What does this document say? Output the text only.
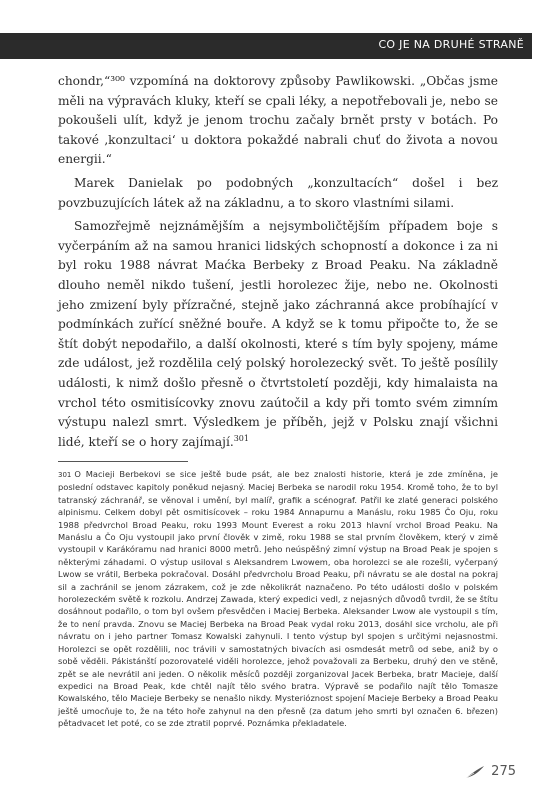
CO JE NA DRUHÉ STRANĚ

chondr,“³⁰⁰ vzpomíná na doktorovy způsoby Pawlikowski. „Občas jsme měli na výpravách kluky, kteří se cpali léky, a nepotřebovali je, nebo se pokoušeli ulít, když je jenom trochu začaly brnět prsty v botách. Po takové ‚konzultaci‘ u doktora pokaždé nabrali chuť do života a novou energii.“

Marek Danielak po podobných „konzultacích“ došel i bez povzbuzujících látek až na základnu, a to skoro vlastními silami.

Samozřejmě nejznámějším a nejsymboličtějším případem boje s vyčerpáním až na samou hranici lidských schopností a dokonce i za ni byl roku 1988 návrat Maćka Berbeky z Broad Peaku. Na základně dlouho neměl nikdo tušení, jestli horolezec žije, nebo ne. Okolnosti jeho zmizení byly přízračné, stejně jako záchranná akce probíhající v podmínkách zuřící sněžné bouře. A když se k tomu připočte to, že se štít dobýt nepodařilo, a další okolnosti, které s tím byly spojeny, máme zde událost, jež rozdělila celý polský horolezecký svět. To ještě posílily události, k nimž došlo přesně o čtvrtstoletí později, kdy himalaista na vrchol této osmitisícovky znovu zaútočil a kdy při tomto svém zimním výstupu nalezl smrt. Výsledkem je příběh, jejž v Polsku znají všichni lidé, kteří se o hory zajímají.$^{301}$

301 O Macieji Berbekovi se sice ještě bude psát, ale bez znalosti historie, která je zde zmíněna, je poslední odstavec kapitoly poněkud nejasný. Maciej Berbeka se narodil roku 1954. Kromě toho, že to byl tatranský záchranář, se věnoval i umění, byl malíř, grafik a scénograf. Patřil ke zlaté generaci polského alpinismu. Celkem dobyl pět osmitisícovek – roku 1984 Annapurnu a Manáslu, roku 1985 Čo Oju, roku 1988 předvrchol Broad Peaku, roku 1993 Mount Everest a roku 2013 hlavní vrchol Broad Peaku. Na Manáslu a Čo Oju vystoupil jako první člověk v zimě, roku 1988 se stal prvním člověkem, který v zimě vystoupil v Karákóramu nad hranici 8000 metrů. Jeho neúspěšný zimní výstup na Broad Peak je spojen s některými záhadami. O výstup usiloval s Aleksandrem Lwowem, oba horolezci se ale rozešli, vyčerpaný Lwow se vrátil, Berbeka pokračoval. Dosáhl předvrcholu Broad Peaku, při návratu se ale dostal na pokraj sil a zachránil se jenom zázrakem, což je zde několikrát naznačeno. Po této události došlo v polském horolezeckém světě k rozkolu. Andrzej Zawada, který expedici vedl, z nejasných důvodů tvrdil, že se štítu dosáhnout podařilo, o tom byl ovšem přesvědčen i Maciej Berbeka. Aleksander Lwow ale vystoupil s tím, že to není pravda. Znovu se Maciej Berbeka na Broad Peak vydal roku 2013, dosáhl sice vrcholu, ale při návratu on i jeho partner Tomasz Kowalski zahynuli. I tento výstup byl spojen s určitými nejasnostmi. Horolezci se opět rozdělili, noc trávili v samostatných bivacích asi osmdesát metrů od sebe, aniž by o sobě věděli. Pákistánští pozorovatelé viděli horolezce, jehož považovali za Berbeku, druhý den ve stěně, zpět se ale nevrátil ani jeden. O několik měsíců později zorganizoval Jacek Berbeka, bratr Macieje, další expedici na Broad Peak, kde chtěl najít tělo svého bratra. Výpravě se podařilo najít tělo Tomasze Kowalského, tělo Macieje Berbeky se nenašlo nikdy. Mysterióznost spojení Macieje Berbeky a Broad Peaku ještě umocňuje to, že na této hoře zahynul na den přesně (za datum jeho smrti byl označen 6. březen) pětadvacet let poté, co se zde ztratil poprvé. Poznámka překladatele.

275
